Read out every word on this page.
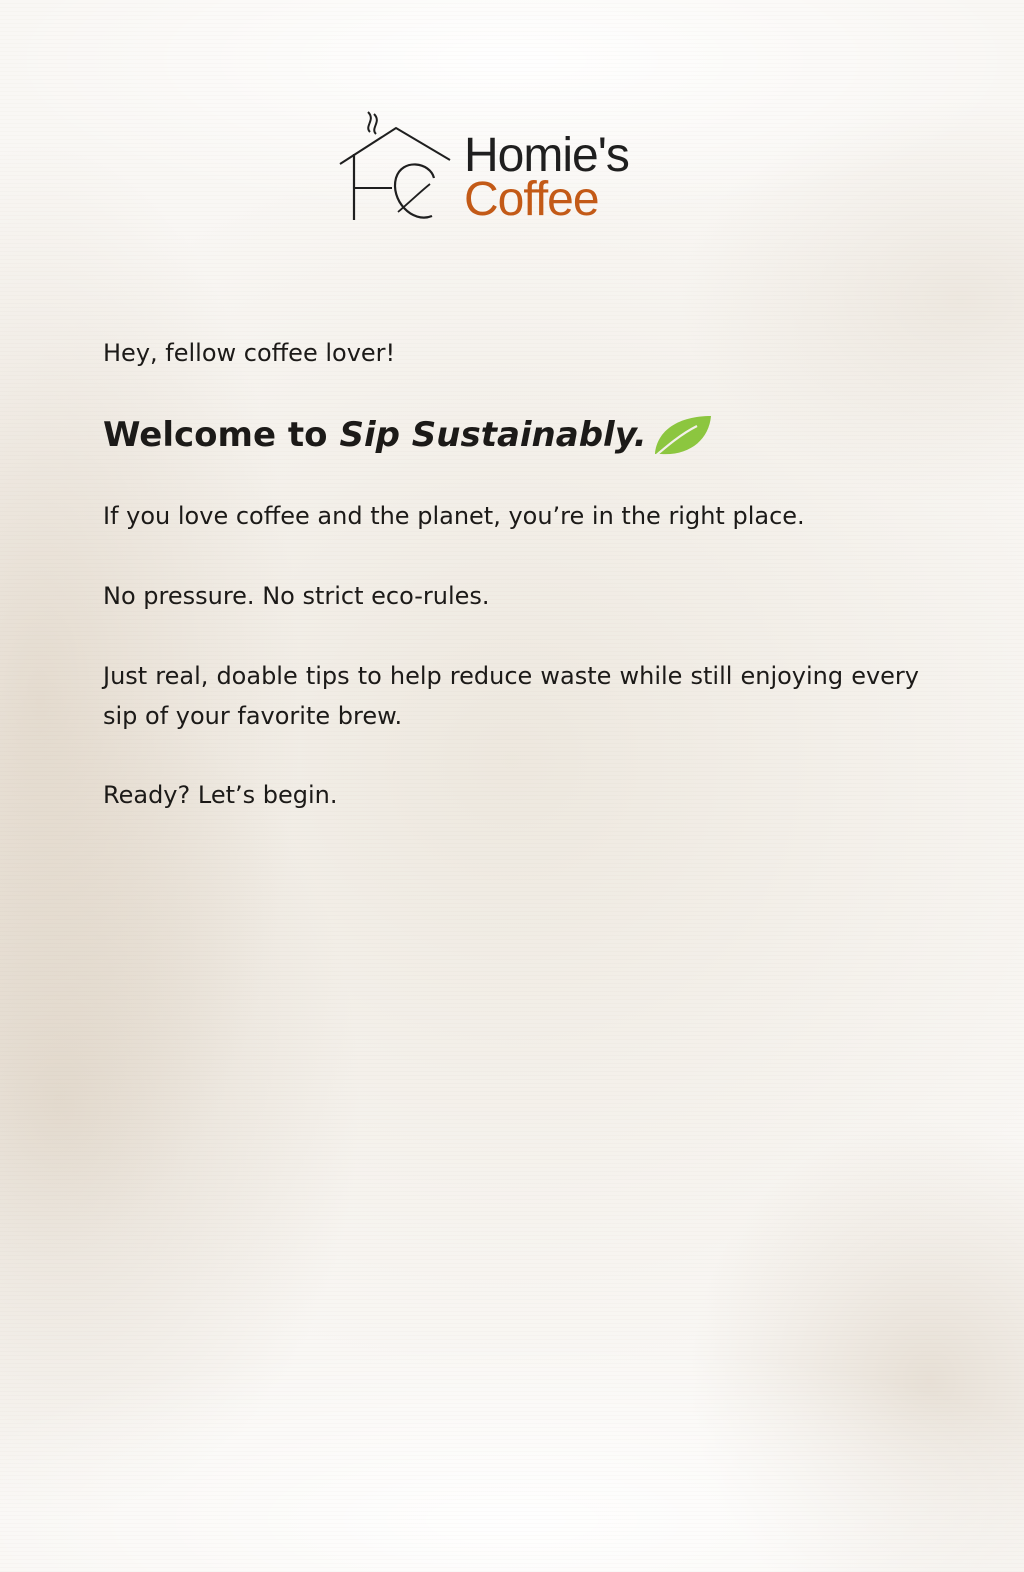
Homie's
Coffee

Hey, fellow coffee lover!

Welcome to Sip Sustainably.

If you love coffee and the planet, you’re in the right place.

No pressure. No strict eco-rules.

Just real, doable tips to help reduce waste while still enjoying every sip of your favorite brew.

Ready? Let’s begin.
